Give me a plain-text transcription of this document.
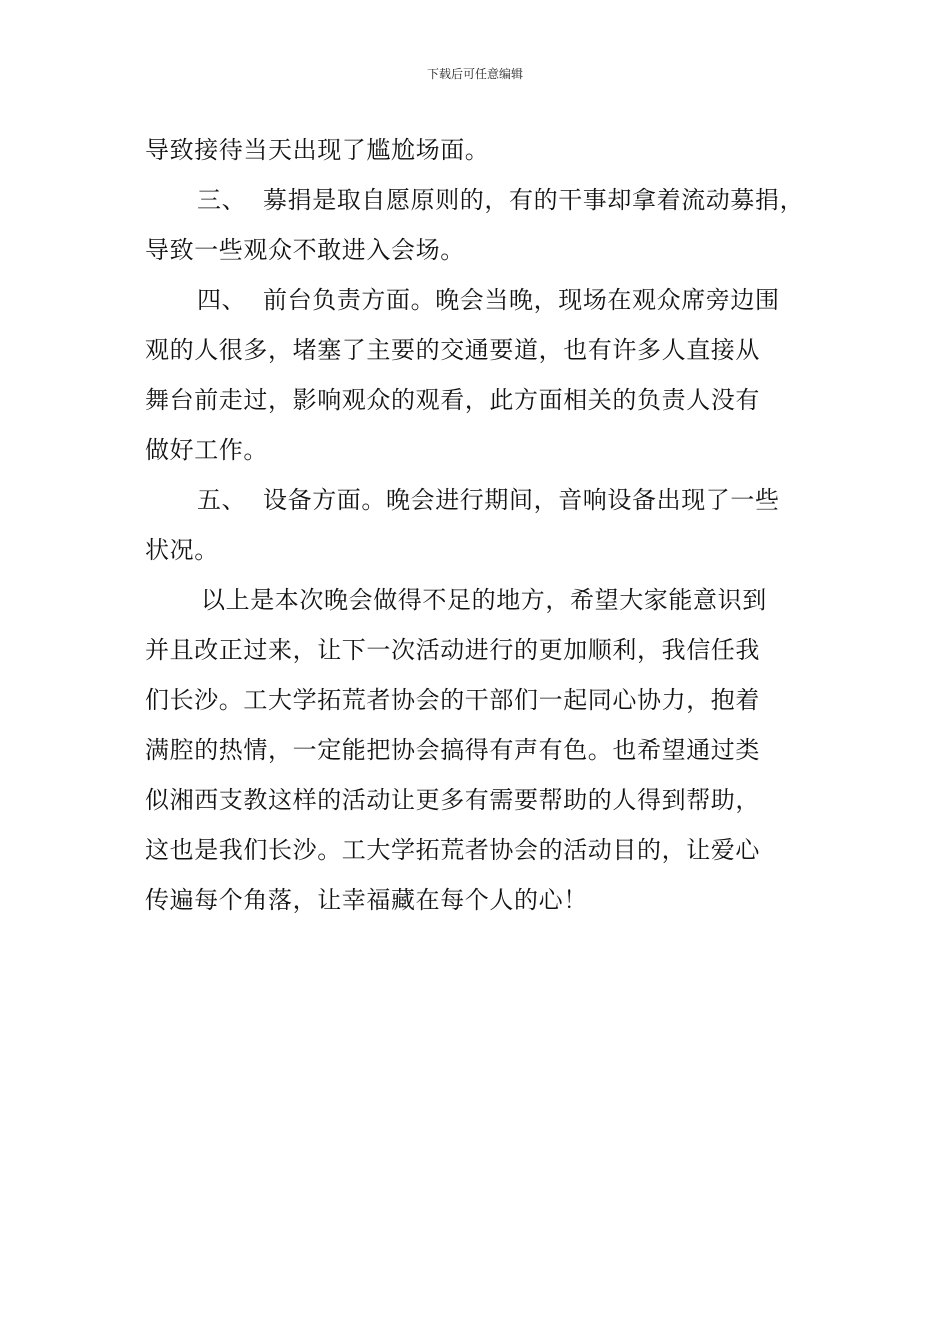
下载后可任意编辑
导致接待当天出现了尴尬场面。
三、 募捐是取自愿原则的，有的干事却拿着流动募捐，
导致一些观众不敢进入会场。
四、 前台负责方面。晚会当晚，现场在观众席旁边围
观的人很多，堵塞了主要的交通要道，也有许多人直接从
舞台前走过，影响观众的观看，此方面相关的负责人没有
做好工作。
五、 设备方面。晚会进行期间，音响设备出现了一些
状况。
以上是本次晚会做得不足的地方，希望大家能意识到
并且改正过来，让下一次活动进行的更加顺利，我信任我
们长沙。工大学拓荒者协会的干部们一起同心协力，抱着
满腔的热情，一定能把协会搞得有声有色。也希望通过类
似湘西支教这样的活动让更多有需要帮助的人得到帮助，
这也是我们长沙。工大学拓荒者协会的活动目的，让爱心
传遍每个角落，让幸福藏在每个人的心！
